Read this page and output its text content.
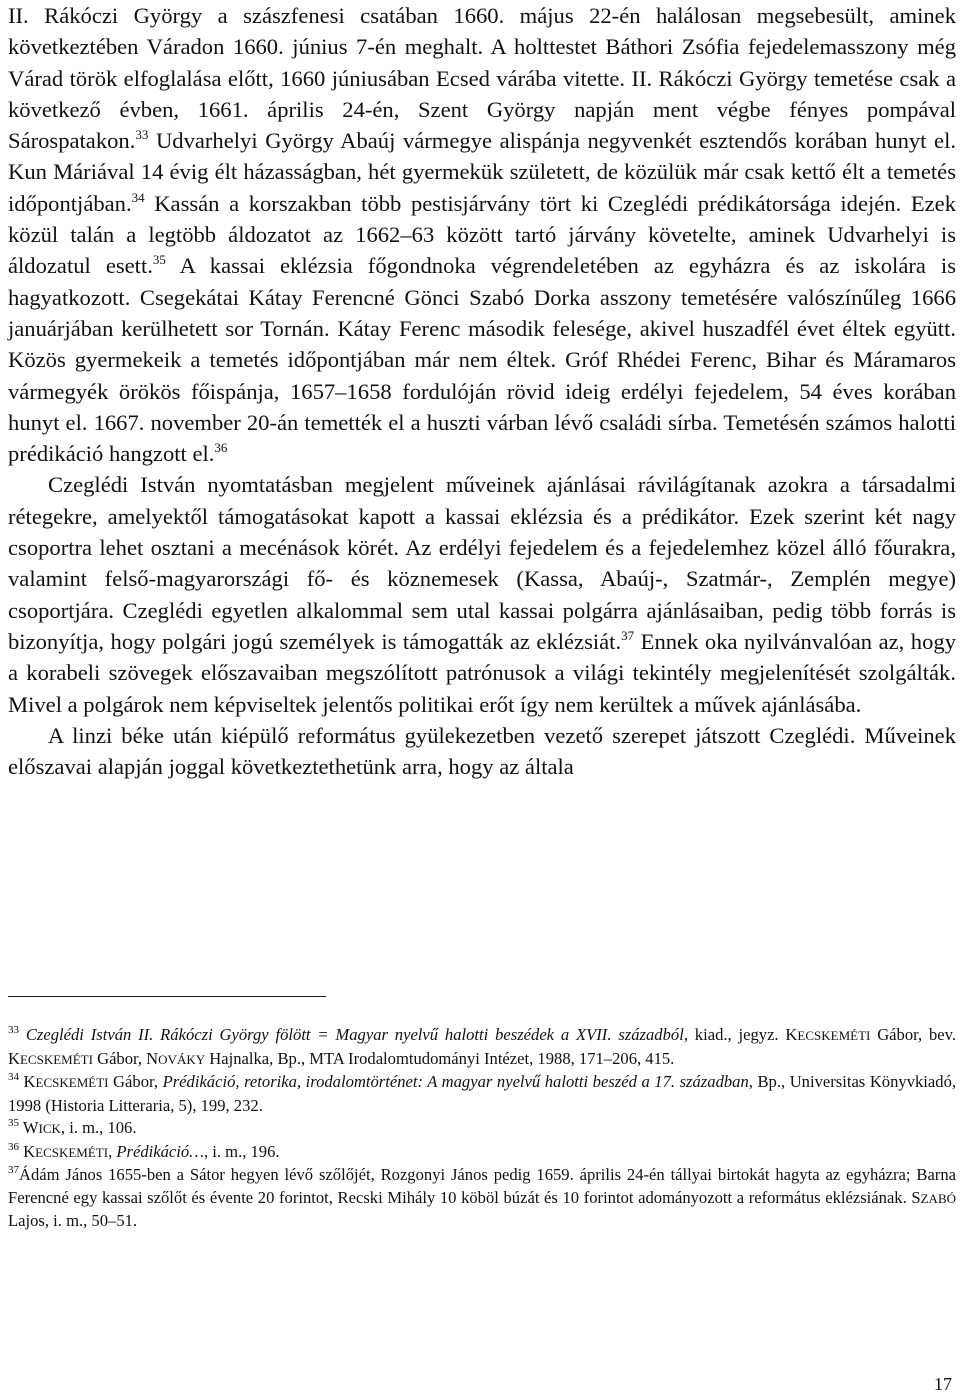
II. Rákóczi György a szászfenesi csatában 1660. május 22-én halálosan megsebesült, aminek következtében Váradon 1660. június 7-én meghalt. A holttestet Báthori Zsófia fejedelemasszony még Várad török elfoglalása előtt, 1660 júniusában Ecsed várába vitette. II. Rákóczi György temetése csak a következő évben, 1661. április 24-én, Szent György napján ment végbe fényes pompával Sárospatakon.$^{33}$ Udvarhelyi György Abaúj vármegye alispánja negyvenkét esztendős korában hunyt el. Kun Máriával 14 évig élt házasságban, hét gyermekük született, de közülük már csak kettő élt a temetés időpontjában.$^{34}$ Kassán a korszakban több pestisjárvány tört ki Czeglédi prédikátorsága idején. Ezek közül talán a legtöbb áldozatot az 1662–63 között tartó járvány követelte, aminek Udvarhelyi is áldozatul esett.$^{35}$ A kassai eklézsia főgondnoka végrendeletében az egyházra és az iskolára is hagyatkozott. Csegekátai Kátay Ferencné Gönci Szabó Dorka asszony temetésére valószínűleg 1666 januárjában kerülhetett sor Tornán. Kátay Ferenc második felesége, akivel huszadfél évet éltek együtt. Közös gyermekeik a temetés időpontjában már nem éltek. Gróf Rhédei Ferenc, Bihar és Máramaros vármegyék örökös főispánja, 1657–1658 fordulóján rövid ideig erdélyi fejedelem, 54 éves korában hunyt el. 1667. november 20-án temették el a huszti várban lévő családi sírba. Temetésén számos halotti prédikáció hangzott el.$^{36}$

Czeglédi István nyomtatásban megjelent műveinek ajánlásai rávilágítanak azokra a társadalmi rétegekre, amelyektől támogatásokat kapott a kassai eklézsia és a prédikátor. Ezek szerint két nagy csoportra lehet osztani a mecénások körét. Az erdélyi fejedelem és a fejedelemhez közel álló főurakra, valamint felső-magyarországi fő- és köznemesek (Kassa, Abaúj-, Szatmár-, Zemplén megye) csoportjára. Czeglédi egyetlen alkalommal sem utal kassai polgárra ajánlásaiban, pedig több forrás is bizonyítja, hogy polgári jogú személyek is támogatták az eklézsiát.$^{37}$ Ennek oka nyilvánvalóan az, hogy a korabeli szövegek előszavaiban megszólított patrónusok a világi tekintély megjelenítését szolgálták. Mivel a polgárok nem képviseltek jelentős politikai erőt így nem kerültek a művek ajánlásába.

A linzi béke után kiépülő református gyülekezetben vezető szerepet játszott Czeglédi. Műveinek előszavai alapján joggal következtethetünk arra, hogy az általa

$^{33}$ Czeglédi István II. Rákóczi György fölött = Magyar nyelvű halotti beszédek a XVII. századból, kiad., jegyz. KECSKEMÉTI Gábor, bev. KECSKEMÉTI Gábor, NOVÁKY Hajnalka, Bp., MTA Irodalomtudományi Intézet, 1988, 171–206, 415.

$^{34}$ KECSKEMÉTI Gábor, Prédikáció, retorika, irodalomtörténet: A magyar nyelvű halotti beszéd a 17. században, Bp., Universitas Könyvkiadó, 1998 (Historia Litteraria, 5), 199, 232.

$^{35}$ WICK, i. m., 106.

$^{36}$ KECSKEMÉTI, Prédikáció…, i. m., 196.

$^{37}$Ádám János 1655-ben a Sátor hegyen lévő szőlőjét, Rozgonyi János pedig 1659. április 24-én tállyai birtokát hagyta az egyházra; Barna Ferencné egy kassai szőlőt és évente 20 forintot, Recski Mihály 10 köböl búzát és 10 forintot adományozott a református eklézsiának. SZABÓ Lajos, i. m., 50–51.

17
